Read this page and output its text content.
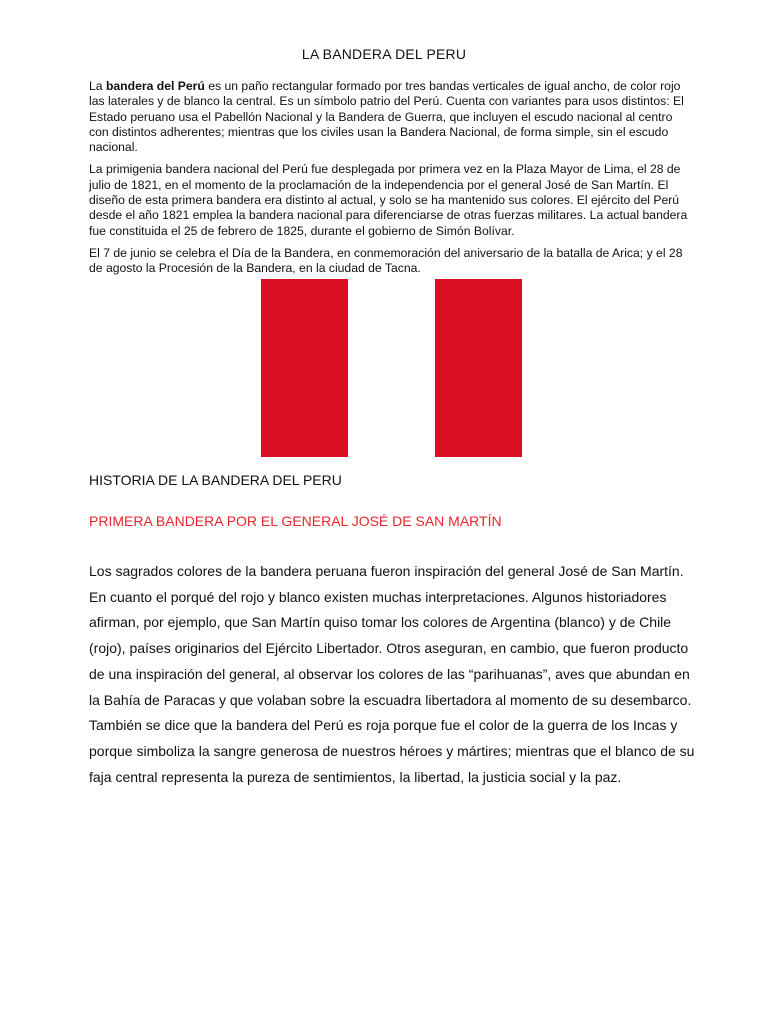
LA BANDERA DEL PERU

La bandera del Perú es un paño rectangular formado por tres bandas verticales de igual ancho, de color rojo las laterales y de blanco la central. Es un símbolo patrio del Perú. Cuenta con variantes para usos distintos: El Estado peruano usa el Pabellón Nacional y la Bandera de Guerra, que incluyen el escudo nacional al centro con distintos adherentes; mientras que los civiles usan la Bandera Nacional, de forma simple, sin el escudo nacional.

La primigenia bandera nacional del Perú fue desplegada por primera vez en la Plaza Mayor de Lima, el 28 de julio de 1821, en el momento de la proclamación de la independencia por el general José de San Martín. El diseño de esta primera bandera era distinto al actual, y solo se ha mantenido sus colores. El ejército del Perú desde el año 1821 emplea la bandera nacional para diferenciarse de otras fuerzas militares. La actual bandera fue constituida el 25 de febrero de 1825, durante el gobierno de Simón Bolívar.

El 7 de junio se celebra el Día de la Bandera, en conmemoración del aniversario de la batalla de Arica; y el 28 de agosto la Procesión de la Bandera, en la ciudad de Tacna.

HISTORIA DE LA BANDERA DEL PERU
PRIMERA BANDERA POR EL GENERAL JOSÉ DE SAN MARTÍN

Los sagrados colores de la bandera peruana fueron inspiración del general José de San Martín. En cuanto el porqué del rojo y blanco existen muchas interpretaciones. Algunos historiadores afirman, por ejemplo, que San Martín quiso tomar los colores de Argentina (blanco) y de Chile (rojo), países originarios del Ejército Libertador. Otros aseguran, en cambio, que fueron producto de una inspiración del general, al observar los colores de las “parihuanas”, aves que abundan en la Bahía de Paracas y que volaban sobre la escuadra libertadora al momento de su desembarco. También se dice que la bandera del Perú es roja porque fue el color de la guerra de los Incas y porque simboliza la sangre generosa de nuestros héroes y mártires; mientras que el blanco de su faja central representa la pureza de sentimientos, la libertad, la justicia social y la paz.
